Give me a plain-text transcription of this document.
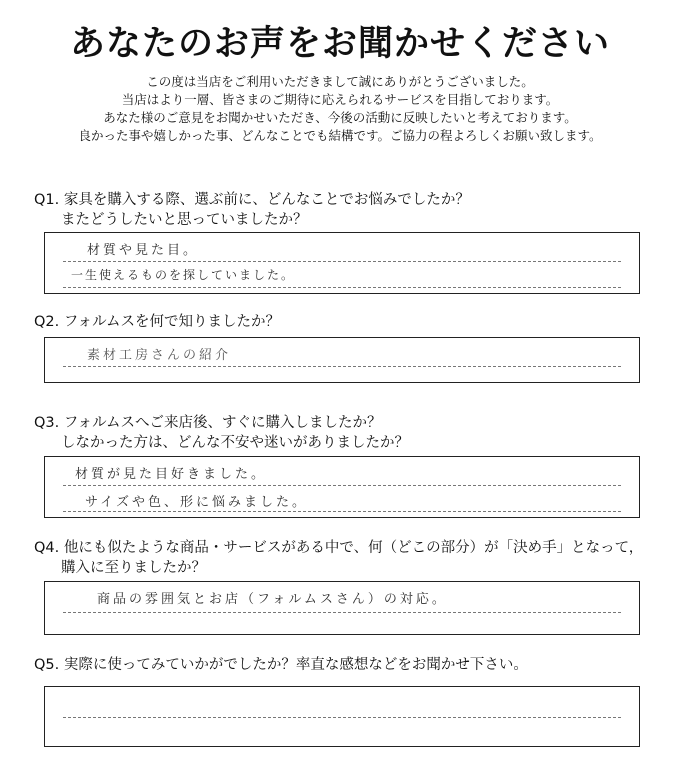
あなたのお声をお聞かせください
この度は当店をご利用いただきまして誠にありがとうございました。
当店はより一層、皆さまのご期待に応えられるサービスを目指しております。
あなた様のご意見をお聞かせいただき、今後の活動に反映したいと考えております。
良かった事や嬉しかった事、どんなことでも結構です。ご協力の程よろしくお願い致します。
Q1. 家具を購入する際、選ぶ前に、どんなことでお悩みでしたか？
またどうしたいと思っていましたか？
材質や見た目。
一生使えるものを探していました。
Q2. フォルムスを何で知りましたか？
素材工房さんの紹介
Q3. フォルムスへご来店後、すぐに購入しましたか？
しなかった方は、どんな不安や迷いがありましたか？
材質が見た目好きました。
サイズや色、形に悩みました。
Q4. 他にも似たような商品・サービスがある中で、何（どこの部分）が「決め手」となって，
購入に至りましたか？
商品の雰囲気とお店（フォルムスさん）の対応。
Q5. 実際に使ってみていかがでしたか？率直な感想などをお聞かせ下さい。
